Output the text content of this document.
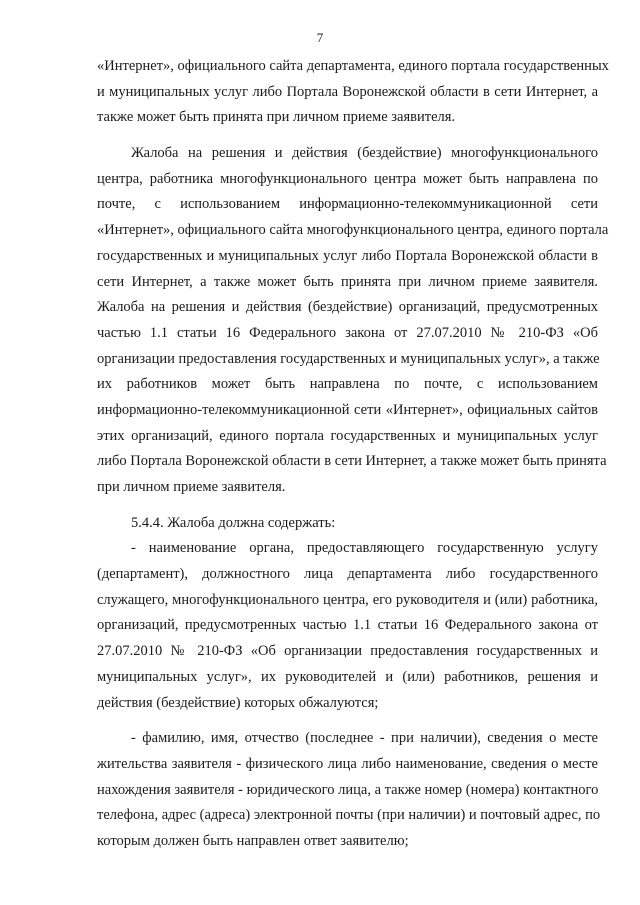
7
«Интернет», официального сайта департамента, единого портала государственных
и муниципальных услуг либо Портала Воронежской области в сети Интернет, а
также может быть принята при личном приеме заявителя.
Жалоба на решения и действия (бездействие) многофункционального
центра, работника многофункционального центра может быть направлена по
почте, с использованием информационно-телекоммуникационной сети
«Интернет», официального сайта многофункционального центра, единого портала
государственных и муниципальных услуг либо Портала Воронежской области в
сети Интернет, а также может быть принята при личном приеме заявителя.
Жалоба на решения и действия (бездействие) организаций, предусмотренных
частью 1.1 статьи 16 Федерального закона от 27.07.2010 № 210-ФЗ «Об
организации предоставления государственных и муниципальных услуг», а также
их работников может быть направлена по почте, с использованием
информационно-телекоммуникационной сети «Интернет», официальных сайтов
этих организаций, единого портала государственных и муниципальных услуг
либо Портала Воронежской области в сети Интернет, а также может быть принята
при личном приеме заявителя.
5.4.4. Жалоба должна содержать:
- наименование органа, предоставляющего государственную услугу
(департамент), должностного лица департамента либо государственного
служащего, многофункционального центра, его руководителя и (или) работника,
организаций, предусмотренных частью 1.1 статьи 16 Федерального закона от
27.07.2010 № 210-ФЗ «Об организации предоставления государственных и
муниципальных услуг», их руководителей и (или) работников, решения и
действия (бездействие) которых обжалуются;
- фамилию, имя, отчество (последнее - при наличии), сведения о месте
жительства заявителя - физического лица либо наименование, сведения о месте
нахождения заявителя - юридического лица, а также номер (номера) контактного
телефона, адрес (адреса) электронной почты (при наличии) и почтовый адрес, по
которым должен быть направлен ответ заявителю;
